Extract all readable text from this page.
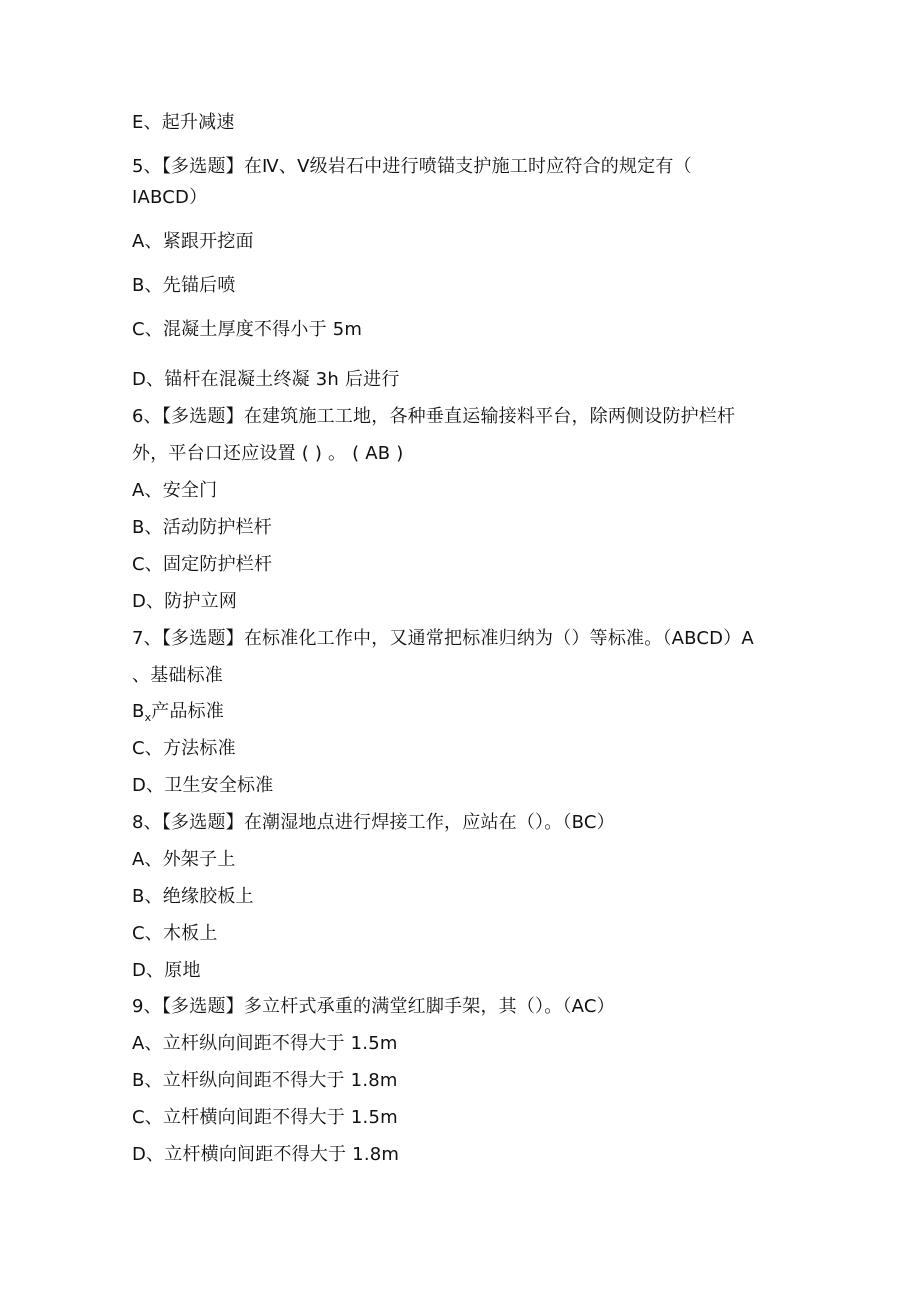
E、起升减速
5、【多选题】在Ⅳ、Ⅴ级岩石中进行喷锚支护施工时应符合的规定有（
IABCD）
A、紧跟开挖面
B、先锚后喷
C、混凝土厚度不得小于 5m
D、锚杆在混凝土终凝 3h 后进行
6、【多选题】在建筑施工工地，各种垂直运输接料平台，除两侧设防护栏杆
外，平台口还应设置 ( ) 。 ( AB )
A、安全门
B、活动防护栏杆
C、固定防护栏杆
D、防护立网
7、【多选题】在标准化工作中，又通常把标准归纳为（）等标准。（ABCD）A
、基础标准
$B_x$产品标准
C、方法标准
D、卫生安全标准
8、【多选题】在潮湿地点进行焊接工作，应站在（）。（BC）
A、外架子上
B、绝缘胶板上
C、木板上
D、原地
9、【多选题】多立杆式承重的满堂红脚手架，其（）。（AC）
A、立杆纵向间距不得大于 1.5m
B、立杆纵向间距不得大于 1.8m
C、立杆横向间距不得大于 1.5m
D、立杆横向间距不得大于 1.8m
